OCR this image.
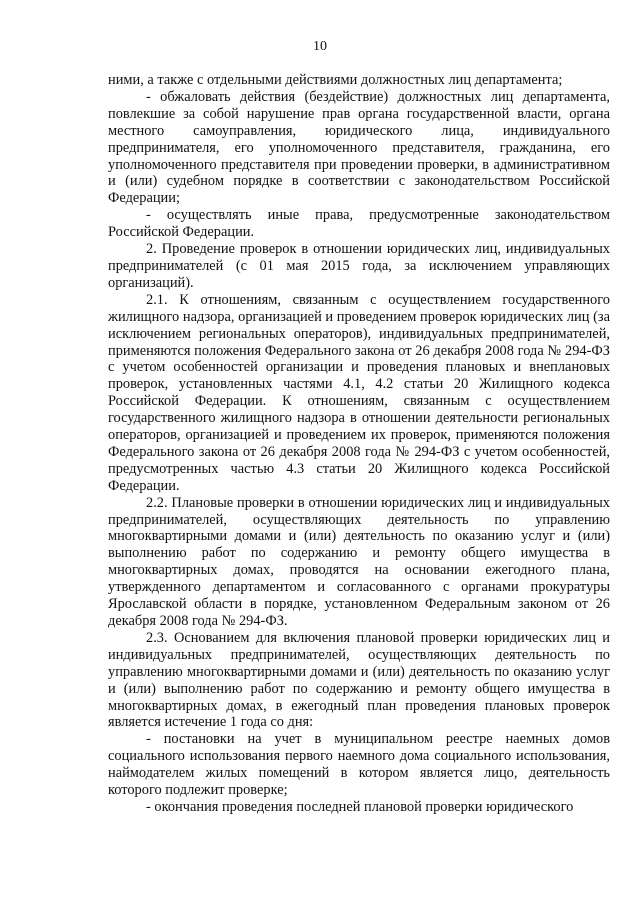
10

ними, а также с отдельными действиями должностных лиц департамента;

- обжаловать действия (бездействие) должностных лиц департамента, повлекшие за собой нарушение прав органа государственной власти, органа местного самоуправления, юридического лица, индивидуального предпринимателя, его уполномоченного представителя, гражданина, его уполномоченного представителя при проведении проверки, в административном и (или) судебном порядке в соответствии с законодательством Российской Федерации;

- осуществлять иные права, предусмотренные законодательством Российской Федерации.

2. Проведение проверок в отношении юридических лиц, индивидуальных предпринимателей (с 01 мая 2015 года, за исключением управляющих организаций).

2.1. К отношениям, связанным с осуществлением государственного жилищного надзора, организацией и проведением проверок юридических лиц (за исключением региональных операторов), индивидуальных предпринимателей, применяются положения Федерального закона от 26 декабря 2008 года № 294-ФЗ с учетом особенностей организации и проведения плановых и внеплановых проверок, установленных частями 4.1, 4.2 статьи 20 Жилищного кодекса Российской Федерации. К отношениям, связанным с осуществлением государственного жилищного надзора в отношении деятельности региональных операторов, организацией и проведением их проверок, применяются положения Федерального закона от 26 декабря 2008 года № 294-ФЗ с учетом особенностей, предусмотренных частью 4.3 статьи 20 Жилищного кодекса Российской Федерации.

2.2. Плановые проверки в отношении юридических лиц и индивидуальных предпринимателей, осуществляющих деятельность по управлению многоквартирными домами и (или) деятельность по оказанию услуг и (или) выполнению работ по содержанию и ремонту общего имущества в многоквартирных домах, проводятся на основании ежегодного плана, утвержденного департаментом и согласованного с органами прокуратуры Ярославской области в порядке, установленном Федеральным законом от 26 декабря 2008 года № 294-ФЗ.

2.3. Основанием для включения плановой проверки юридических лиц и индивидуальных предпринимателей, осуществляющих деятельность по управлению многоквартирными домами и (или) деятельность по оказанию услуг и (или) выполнению работ по содержанию и ремонту общего имущества в многоквартирных домах, в ежегодный план проведения плановых проверок является истечение 1 года со дня:

- постановки на учет в муниципальном реестре наемных домов социального использования первого наемного дома социального использования, наймодателем жилых помещений в котором является лицо, деятельность которого подлежит проверке;

- окончания проведения последней плановой проверки юридического
